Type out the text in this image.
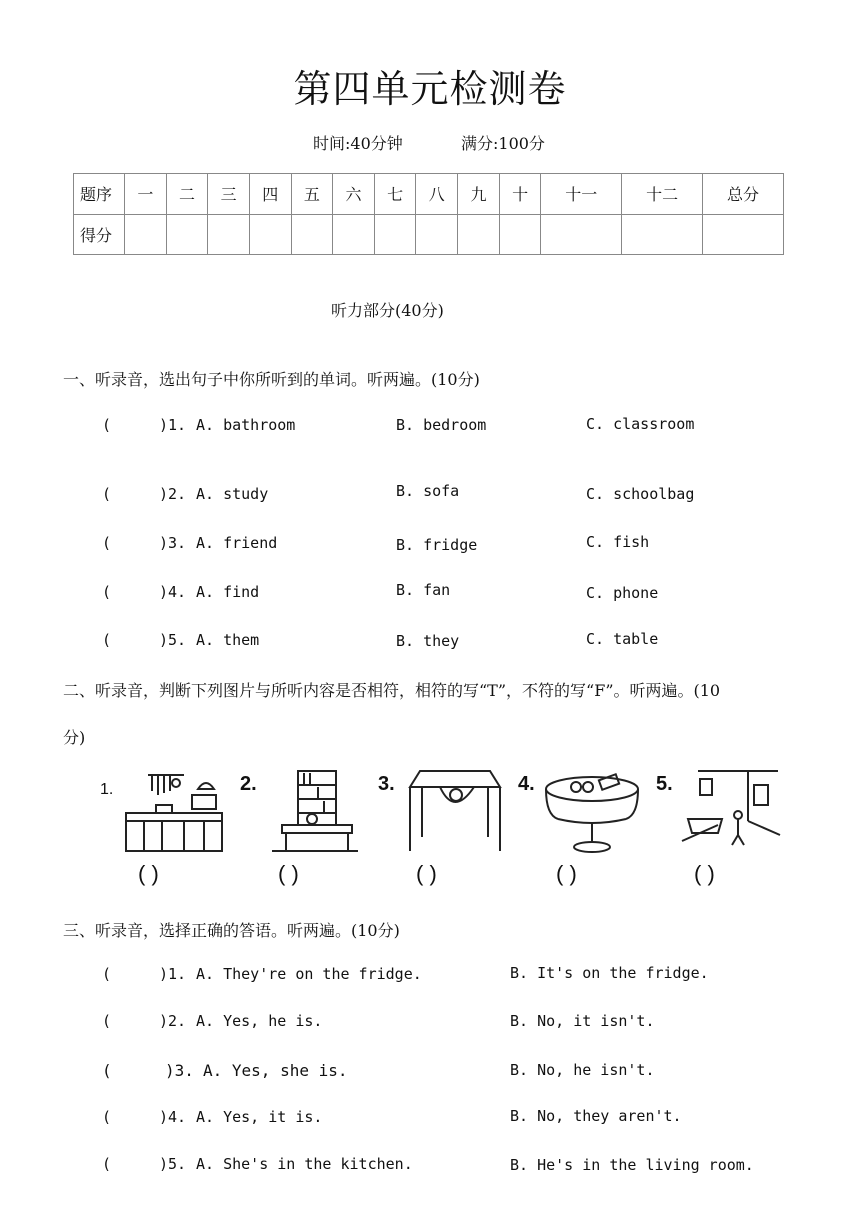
第四单元检测卷
时间:40分钟	满分:100分
题序	一	二	三	四	五	六	七	八	九	十	十一	十二	总分
得分													
听力部分(40分)
一、听录音，选出句子中你所听到的单词。听两遍。(10分)
(	)1. A. bathroom	B. bedroom	C. classroom
(	)2. A. study	B. sofa	C. schoolbag
(	)3. A. friend	B. fridge	C. fish
(	)4. A. find	B. fan	C. phone
(	)5. A. them	B. they	C. table
二、听录音，判断下列图片与所听内容是否相符，相符的写“T”，不符的写“F”。听两遍。(10
分)
1.
( )
2.
( )
3.
( )
4.
( )
5.
( )
三、听录音，选择正确的答语。听两遍。(10分)
(	)1. A. They're on the fridge.	B. It's on the fridge.
(	)2. A. Yes, he is.	B. No, it isn't.
(	)3. A. Yes, she is.	B. No, he isn't.
(	)4. A. Yes, it is.	B. No, they aren't.
(	)5. A. She's in the kitchen.	B. He's in the living room.
